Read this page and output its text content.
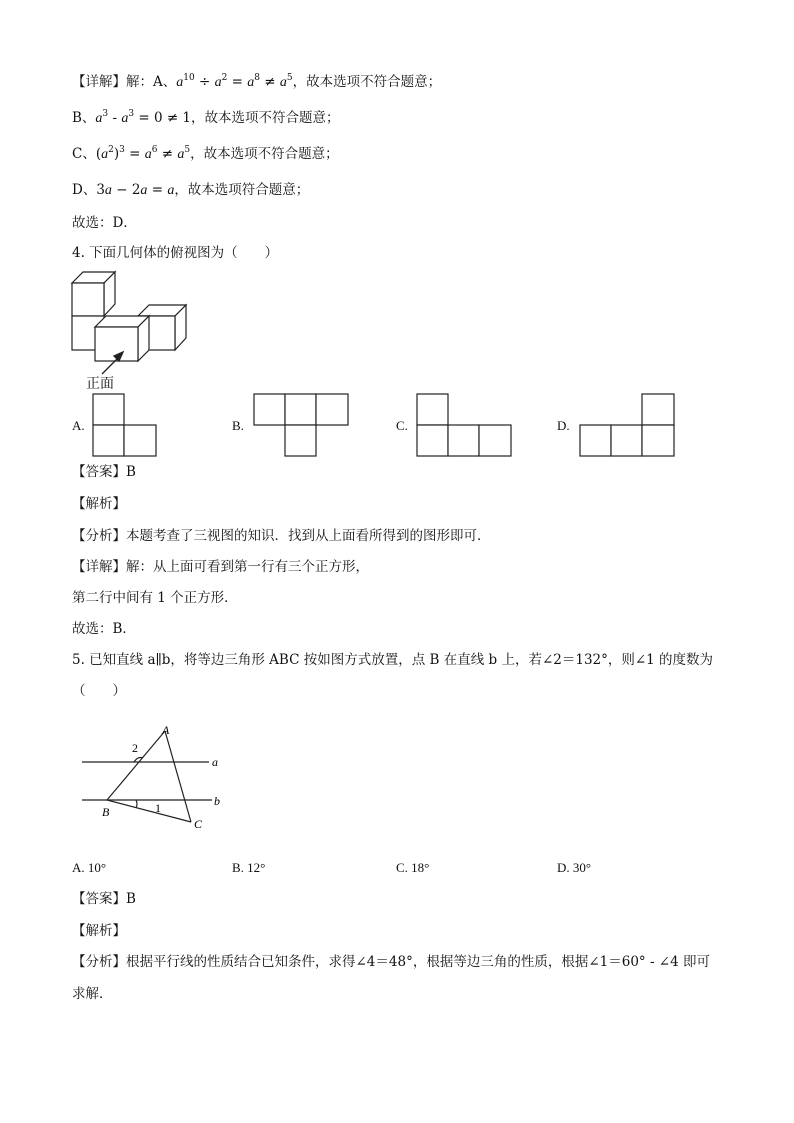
【详解】解：A、$a^{10} \div a^2 = a^8 \ne a^5$，故本选项不符合题意；
B、$a^3 - a^3 = 0 \ne 1$，故本选项不符合题意；
C、$(a^2)^3 = a^6 \ne a^5$，故本选项不符合题意；
D、3a − 2a = a，故本选项符合题意；
故选：D．
4. 下面几何体的俯视图为（　　）
正面
A.	B.	C.	D.
【答案】B
【解析】
【分析】本题考查了三视图的知识．找到从上面看所得到的图形即可．
【详解】解：从上面可看到第一行有三个正方形，
第二行中间有 1 个正方形．
故选：B．
5. 已知直线 a∥b，将等边三角形 ABC 按如图方式放置，点 B 在直线 b 上，若∠2＝132°，则∠1 的度数为
（　　）
A
B
C
a
b
1
2
A. 10°	B. 12°	C. 18°	D. 30°
【答案】B
【解析】
【分析】根据平行线的性质结合已知条件，求得∠4＝48°，根据等边三角的性质，根据∠1＝60° - ∠4 即可
求解．
